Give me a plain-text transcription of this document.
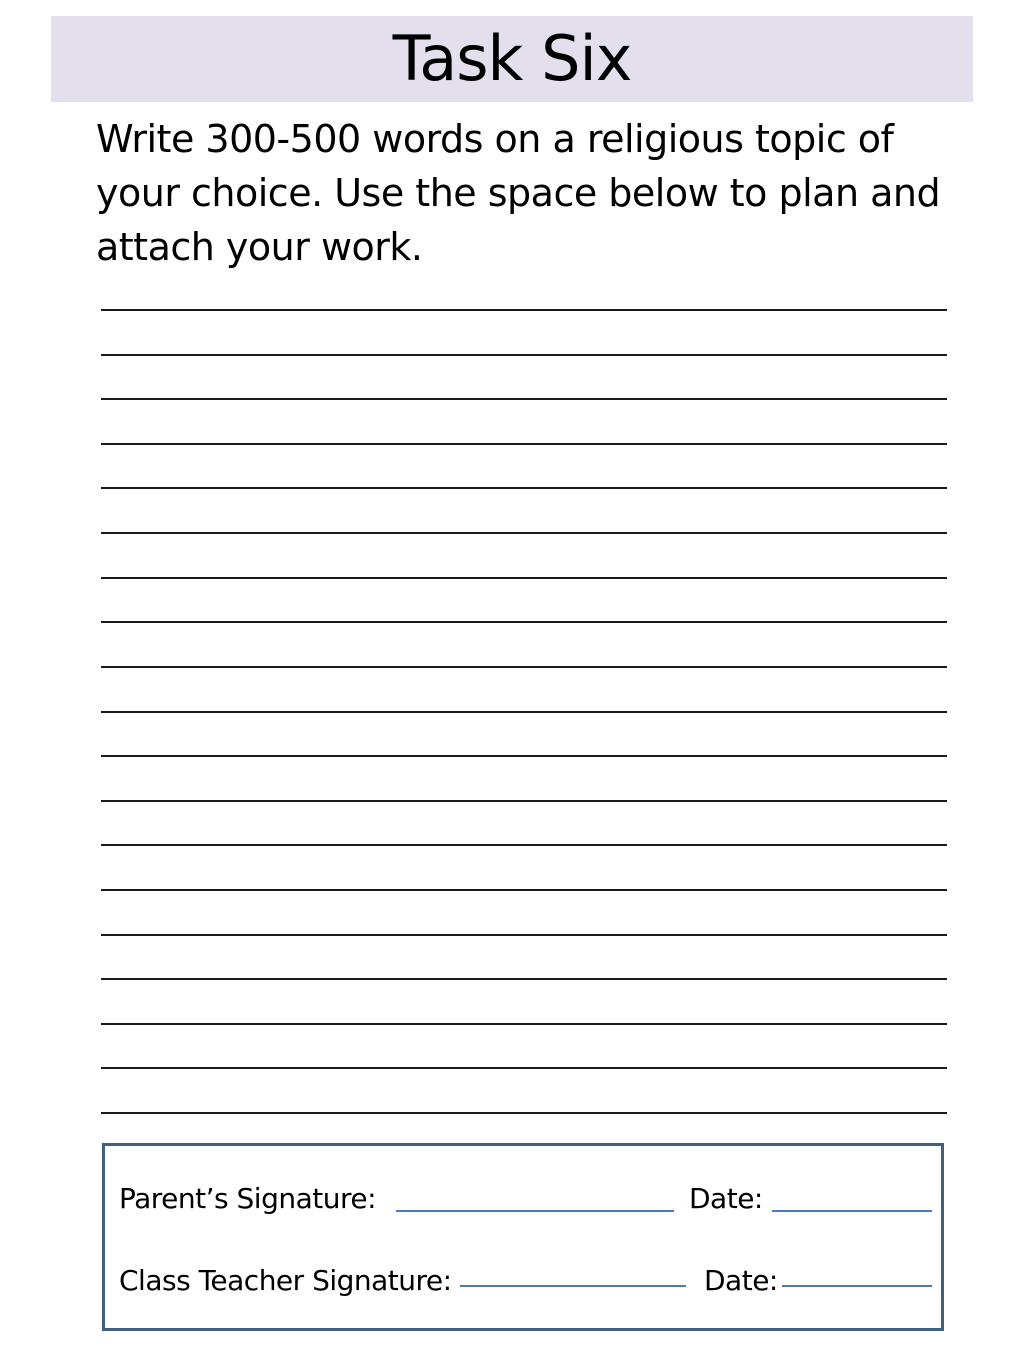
Task Six
Write 300-500 words on a religious topic of your choice. Use the space below to plan and attach your work.
Parent’s Signature:	Date:
Class Teacher Signature:	Date:
